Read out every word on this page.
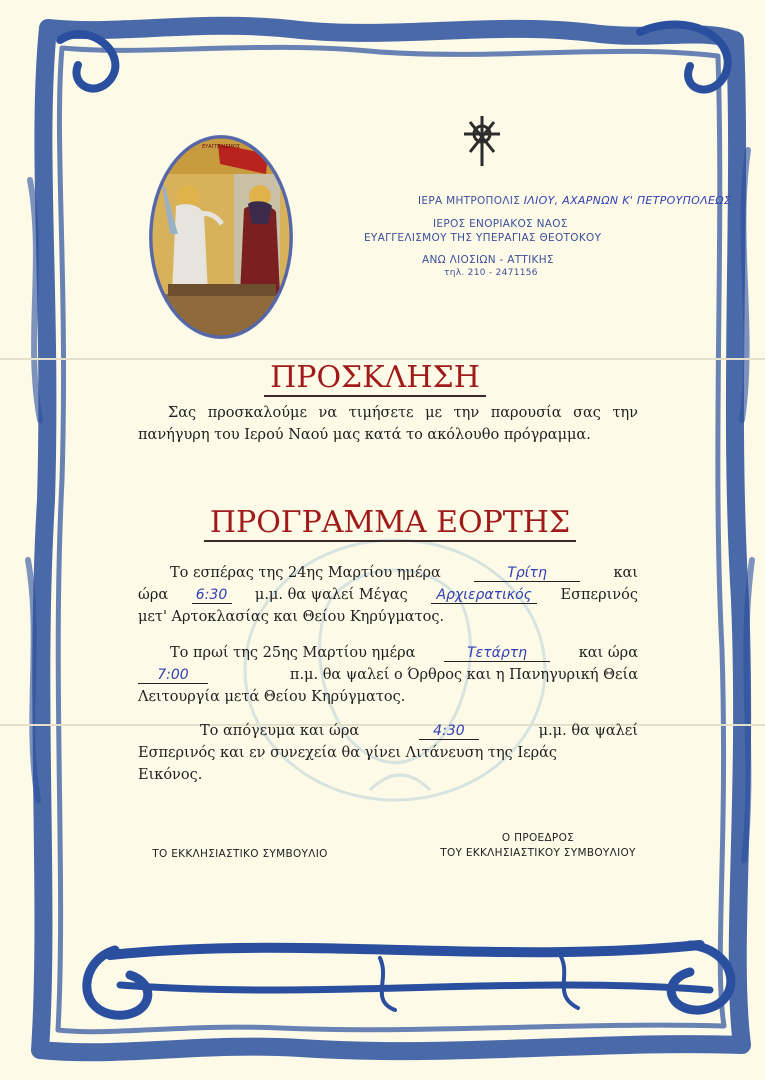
ΕΥΑΓΓΕΛΙΣΜΟΣ
ΙΕΡΑ ΜΗΤΡΟΠΟΛΙΣ ΙΛΙΟΥ, ΑΧΑΡΝΩΝ Κ' ΠΕΤΡΟΥΠΟΛΕΩΣ
ΙΕΡΟΣ ΕΝΟΡΙΑΚΟΣ ΝΑΟΣ
ΕΥΑΓΓΕΛΙΣΜΟΥ ΤΗΣ ΥΠΕΡΑΓΙΑΣ ΘΕΟΤΟΚΟΥ
ΑΝΩ ΛΙΟΣΙΩΝ - ΑΤΤΙΚΗΣ
τηλ. 210 - 2471156
ΠΡΟΣΚΛΗΣΗ
Σας προσκαλούμε να τιμήσετε με την παρουσία σας την πανήγυρη του Ιερού Ναού μας κατά το ακόλουθο πρόγραμμα.
ΠΡΟΓΡΑΜΜΑ ΕΟΡΤΗΣ
Το εσπέρας της 24ης Μαρτίου ημέρα	Τρίτη	και
ώρα	6:30 μ.μ. θα ψαλεί Μέγας	Αρχιερατικός	Εσπερινός
μετ' Αρτοκλασίας και Θείου Κηρύγματος.
Το πρωί της 25ης Μαρτίου ημέρα	Τετάρτη	και ώρα
7:00	π.μ. θα ψαλεί ο Όρθρος και η Πανηγυρική Θεία
Λειτουργία μετά Θείου Κηρύγματος.
Το απόγευμα και ώρα	4:30	μ.μ. θα ψαλεί
Εσπερινός και εν συνεχεία θα γίνει Λιτάνευση της Ιεράς
Εικόνος.
ΤΟ ΕΚΚΛΗΣΙΑΣΤΙΚΟ ΣΥΜΒΟΥΛΙΟ
Ο ΠΡΟΕΔΡΟΣ
ΤΟΥ ΕΚΚΛΗΣΙΑΣΤΙΚΟΥ ΣΥΜΒΟΥΛΙΟΥ
